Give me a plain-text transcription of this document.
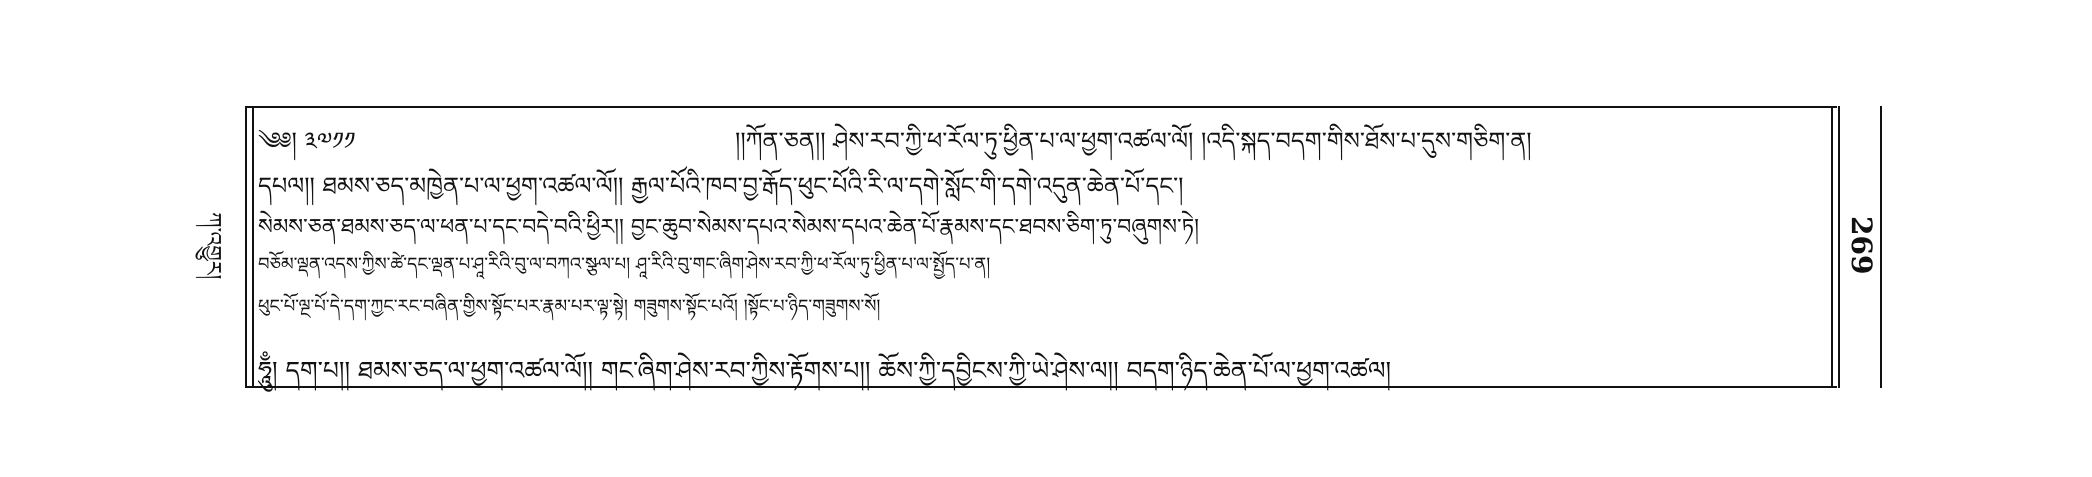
ཀ་འགྱུར།	269
༄༅། ༣༧༡༡	།།ཀོན་ཅན།། ཤེས་རབ་ཀྱི་ཕ་རོལ་ཏུ་ཕྱིན་པ་ལ་ཕྱག་འཚལ་ལོ། །འདི་སྐད་བདག་གིས་ཐོས་པ་དུས་གཅིག་ན།
དཔལ།། ཐམས་ཅད་མཁྱེན་པ་ལ་ཕྱག་འཚལ་ལོ།། རྒྱལ་པོའི་ཁབ་བྱ་རྒོད་ཕུང་པོའི་རི་ལ་དགེ་སློང་གི་དགེ་འདུན་ཆེན་པོ་དང་།
སེམས་ཅན་ཐམས་ཅད་ལ་ཕན་པ་དང་བདེ་བའི་ཕྱིར།། བྱང་ཆུབ་སེམས་དཔའ་སེམས་དཔའ་ཆེན་པོ་རྣམས་དང་ཐབས་ཅིག་ཏུ་བཞུགས་ཏེ།
བཅོམ་ལྡན་འདས་ཀྱིས་ཚེ་དང་ལྡན་པ་ཤཱ་རིའི་བུ་ལ་བཀའ་སྩལ་པ། ཤཱ་རིའི་བུ་གང་ཞིག་ཤེས་རབ་ཀྱི་ཕ་རོལ་ཏུ་ཕྱིན་པ་ལ་སྤྱོད་པ་ན།
ཕུང་པོ་ལྔ་པོ་དེ་དག་ཀྱང་རང་བཞིན་གྱིས་སྟོང་པར་རྣམ་པར་ལྟ་སྟེ། གཟུགས་སྟོང་པའོ། །སྟོང་པ་ཉིད་གཟུགས་སོ།
ཧཱུྃ། དག་པ།། ཐམས་ཅད་ལ་ཕྱག་འཚལ་ལོ།། གང་ཞིག་ཤེས་རབ་ཀྱིས་རྟོགས་པ།། ཆོས་ཀྱི་དབྱིངས་ཀྱི་ཡེ་ཤེས་ལ།། བདག་ཉིད་ཆེན་པོ་ལ་ཕྱག་འཚལ།
